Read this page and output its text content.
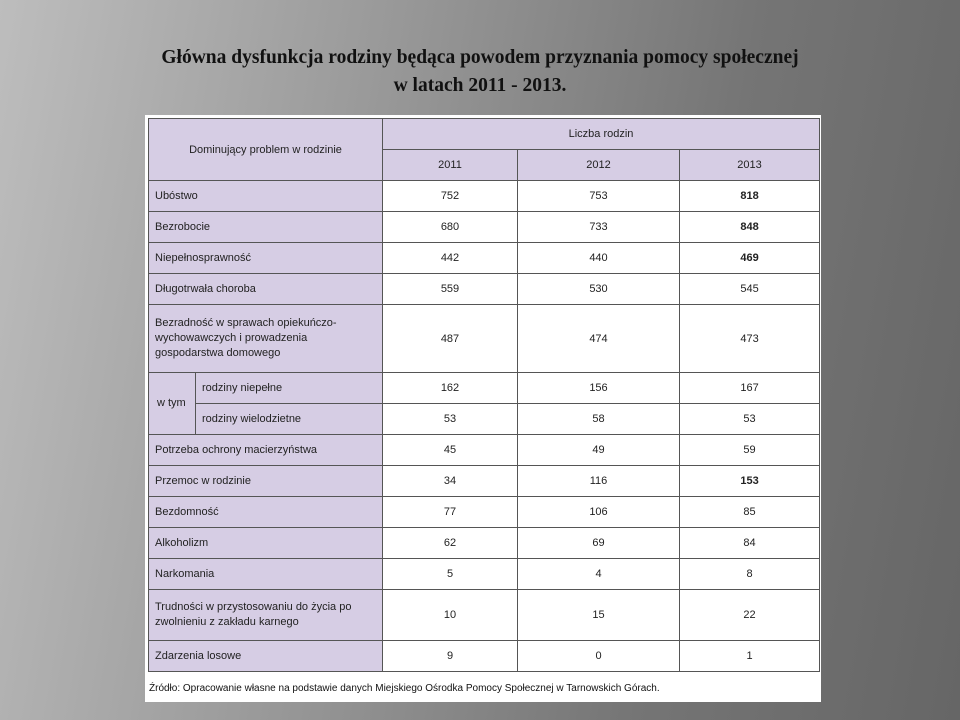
Główna dysfunkcja rodziny będąca powodem przyznania pomocy społecznej
w latach 2011 - 2013.
Dominujący problem w rodzinie		Liczba rodzin		
		2011	2012	2013
Ubóstwo		752	753	818
Bezrobocie		680	733	848
Niepełnosprawność		442	440	469
Długotrwała choroba		559	530	545
Bezradność w sprawach opiekuńczo-wychowawczych i prowadzenia gospodarstwa domowego		487	474	473
w tym	rodziny niepełne	162	156	167
	rodziny wielodzietne	53	58	53
Potrzeba ochrony macierzyństwa		45	49	59
Przemoc w rodzinie		34	116	153
Bezdomność		77	106	85
Alkoholizm		62	69	84
Narkomania		5	4	8
Trudności w przystosowaniu do życia po zwolnieniu z zakładu karnego		10	15	22
Zdarzenia losowe		9	0	1
Źródło: Opracowanie własne na podstawie danych Miejskiego Ośrodka Pomocy Społecznej w Tarnowskich Górach.
